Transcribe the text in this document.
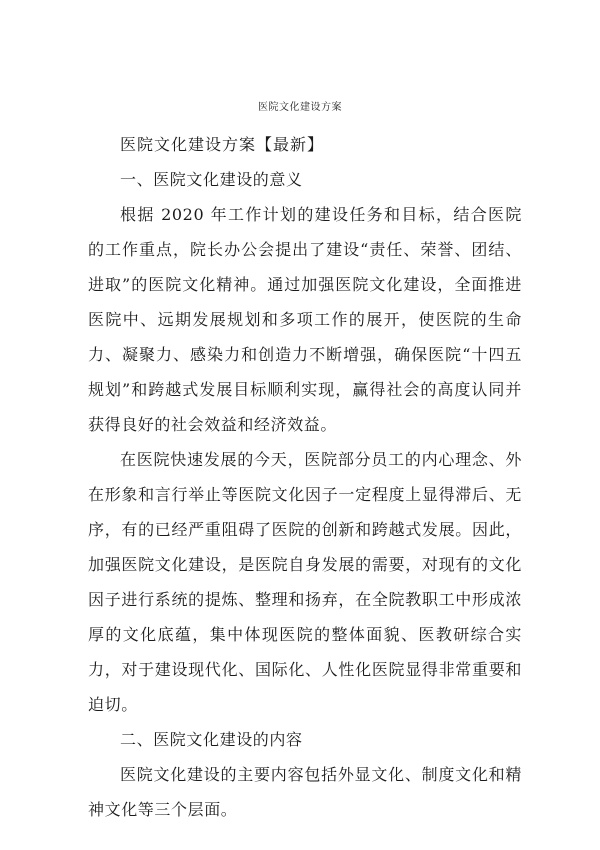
医院文化建设方案

医院文化建设方案【最新】

一、医院文化建设的意义

根据 2020 年工作计划的建设任务和目标，结合医院的工作重点，院长办公会提出了建设“责任、荣誉、团结、进取”的医院文化精神。通过加强医院文化建设，全面推进医院中、远期发展规划和多项工作的展开，使医院的生命力、凝聚力、感染力和创造力不断增强，确保医院“十四五规划”和跨越式发展目标顺利实现，赢得社会的高度认同并获得良好的社会效益和经济效益。

在医院快速发展的今天，医院部分员工的内心理念、外在形象和言行举止等医院文化因子一定程度上显得滞后、无序，有的已经严重阻碍了医院的创新和跨越式发展。因此，加强医院文化建设，是医院自身发展的需要，对现有的文化因子进行系统的提炼、整理和扬弃，在全院教职工中形成浓厚的文化底蕴，集中体现医院的整体面貌、医教研综合实力，对于建设现代化、国际化、人性化医院显得非常重要和迫切。

二、医院文化建设的内容

医院文化建设的主要内容包括外显文化、制度文化和精神文化等三个层面。
